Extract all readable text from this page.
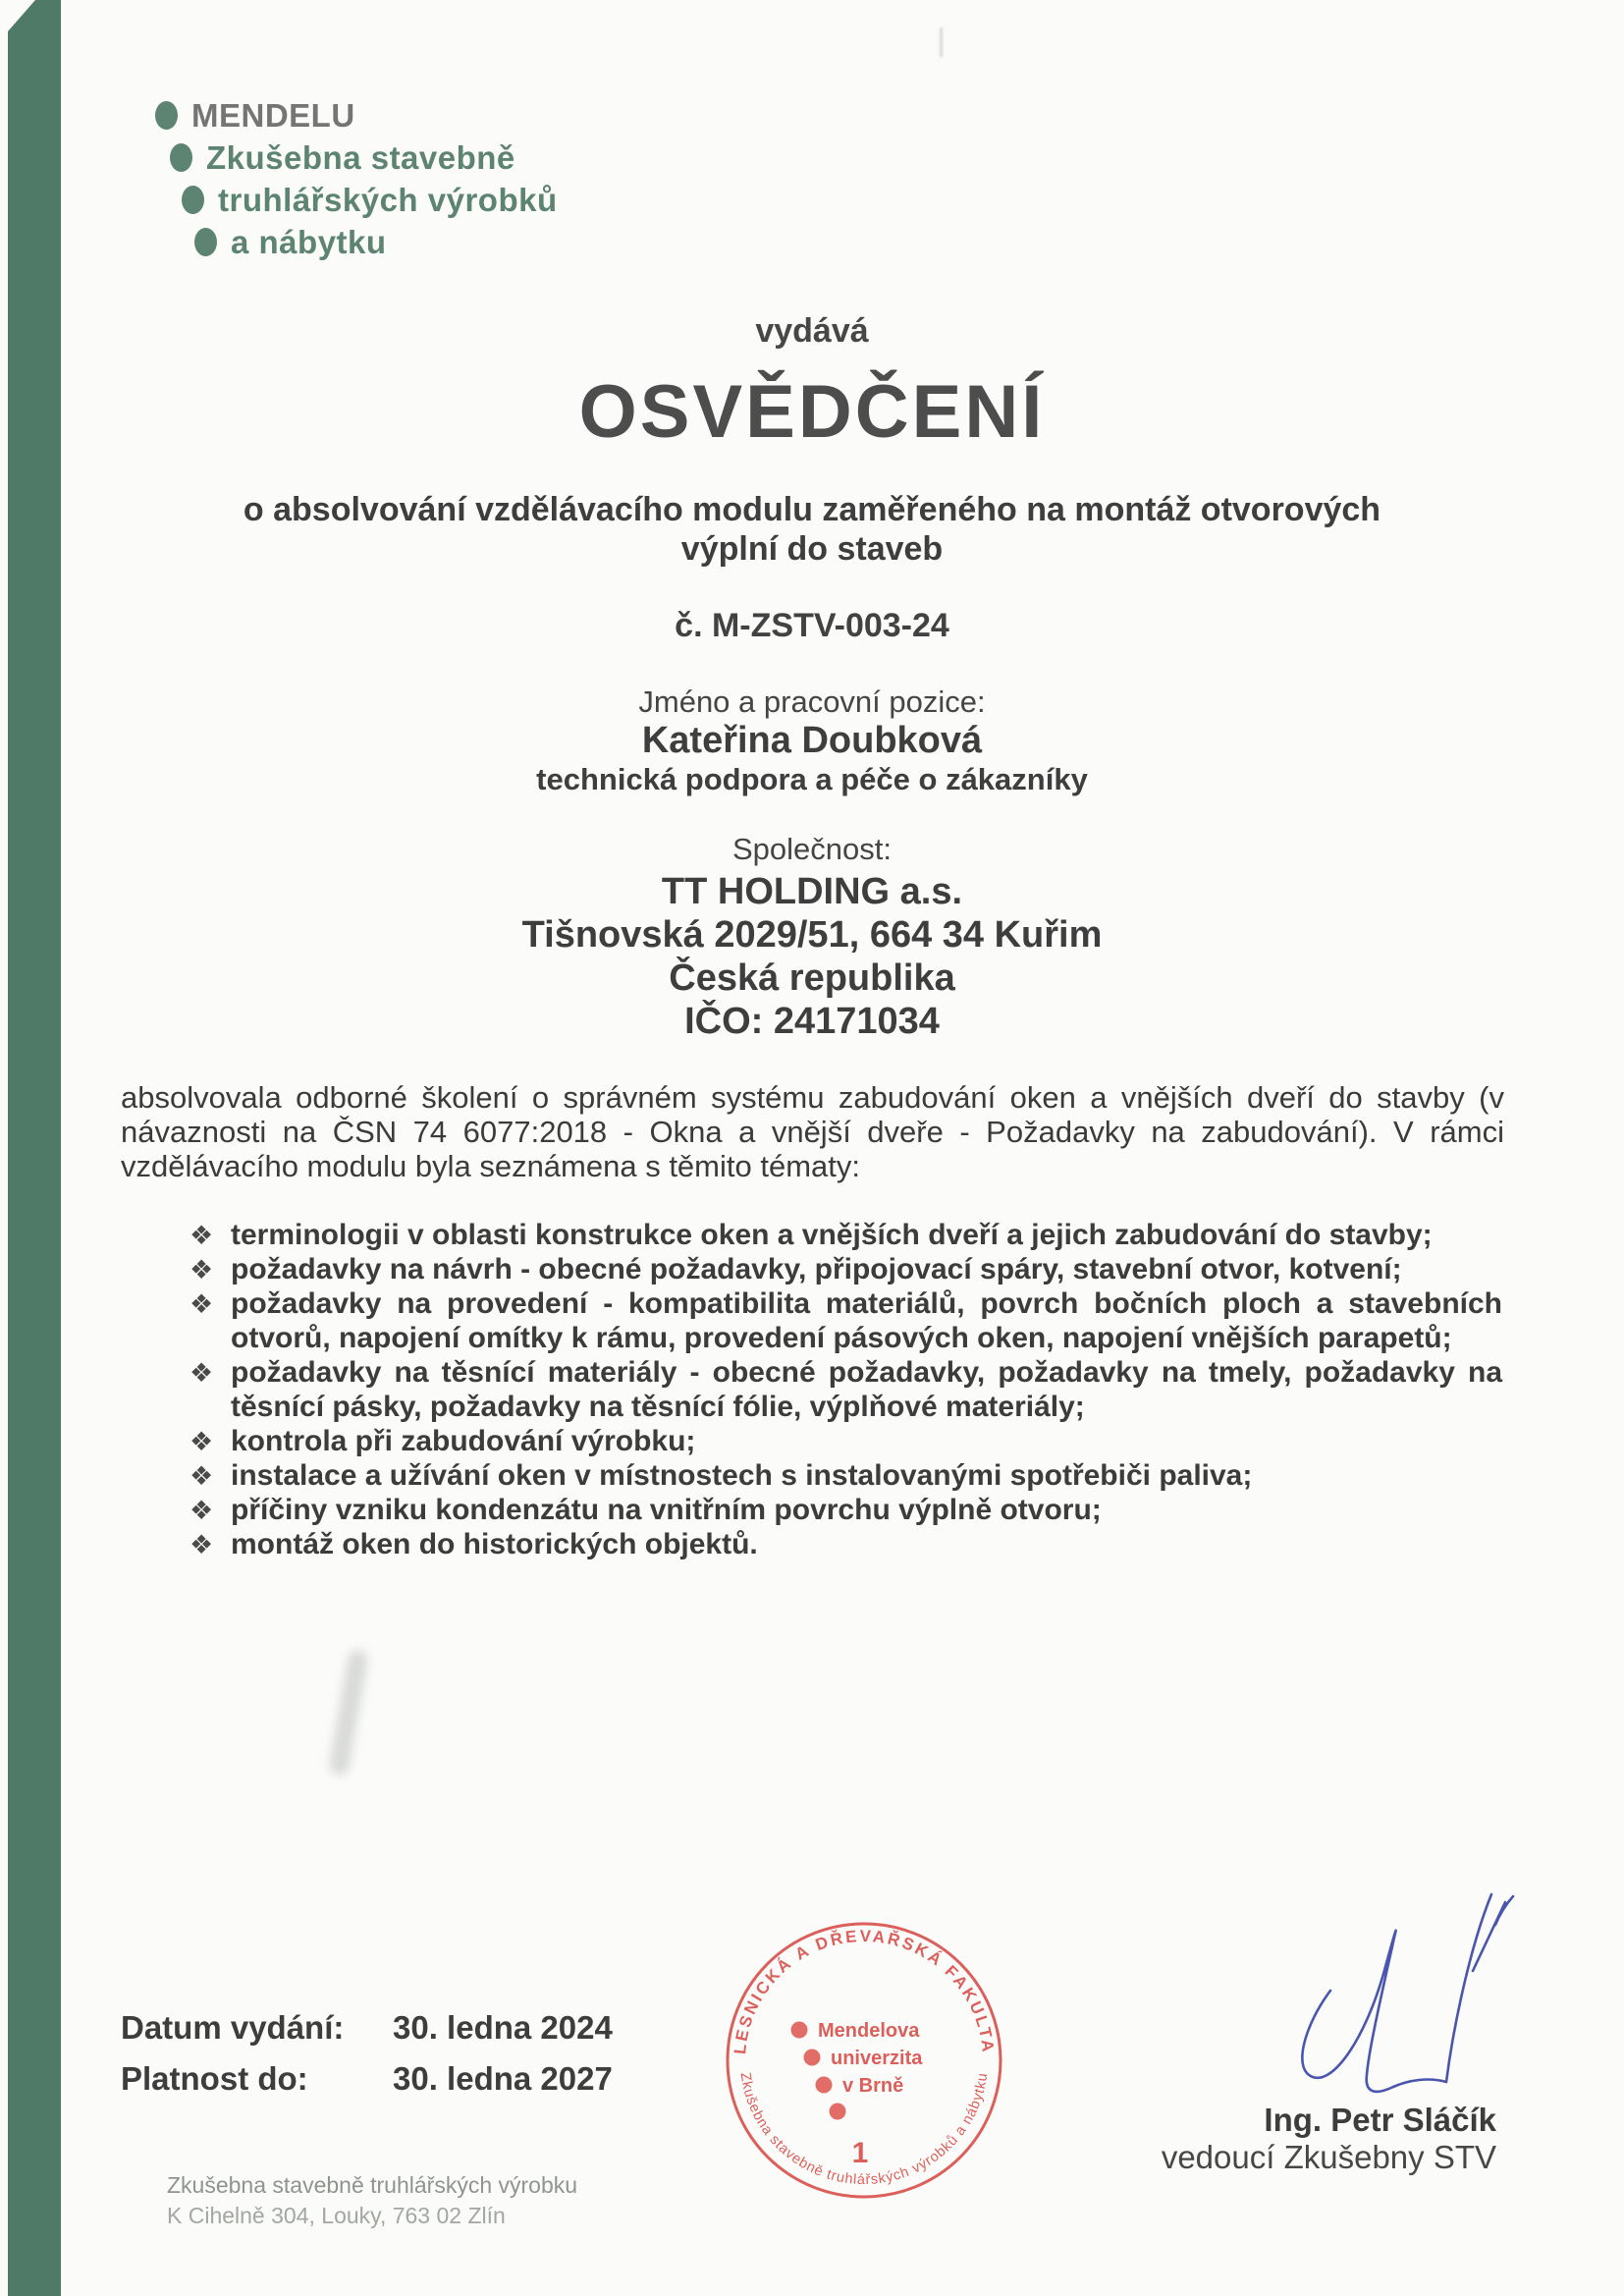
MENDELU
Zkušebna stavebně
truhlářských výrobků
a nábytku
vydává
OSVĚDČENÍ
o absolvování vzdělávacího modulu zaměřeného na montáž otvorových
výplní do staveb
č. M-ZSTV-003-24
Jméno a pracovní pozice:
Kateřina Doubková
technická podpora a péče o zákazníky
Společnost:
TT HOLDING a.s.
Tišnovská 2029/51, 664 34 Kuřim
Česká republika
IČO: 24171034
absolvovala odborné školení o správném systému zabudování oken a vnějších dveří do stavby (v návaznosti na ČSN 74 6077:2018 - Okna a vnější dveře - Požadavky na zabudování). V rámci vzdělávacího modulu byla seznámena s těmito tématy:
❖ terminologii v oblasti konstrukce oken a vnějších dveří a jejich zabudování do stavby;
❖ požadavky na návrh - obecné požadavky, připojovací spáry, stavební otvor, kotvení;
❖ požadavky na provedení - kompatibilita materiálů, povrch bočních ploch a stavebních otvorů, napojení omítky k rámu, provedení pásových oken, napojení vnějších parapetů;
❖ požadavky na těsnící materiály - obecné požadavky, požadavky na tmely, požadavky na těsnící pásky, požadavky na těsnící fólie, výplňové materiály;
❖ kontrola při zabudování výrobku;
❖ instalace a užívání oken v místnostech s instalovanými spotřebiči paliva;
❖ příčiny vzniku kondenzátu na vnitřním povrchu výplně otvoru;
❖ montáž oken do historických objektů.
Datum vydání: 30. ledna 2024
Platnost do:	30. ledna 2027
LESNICKÁ A DŘEVAŘSKÁ FAKULTA
Zkušebna stavebně truhlářských výrobků a nábytku
Mendelova
univerzita
v Brně
1
Ing. Petr Sláčík
vedoucí Zkušebny STV
Zkušebna stavebně truhlářských výrobku
K Cihelně 304, Louky, 763 02 Zlín
